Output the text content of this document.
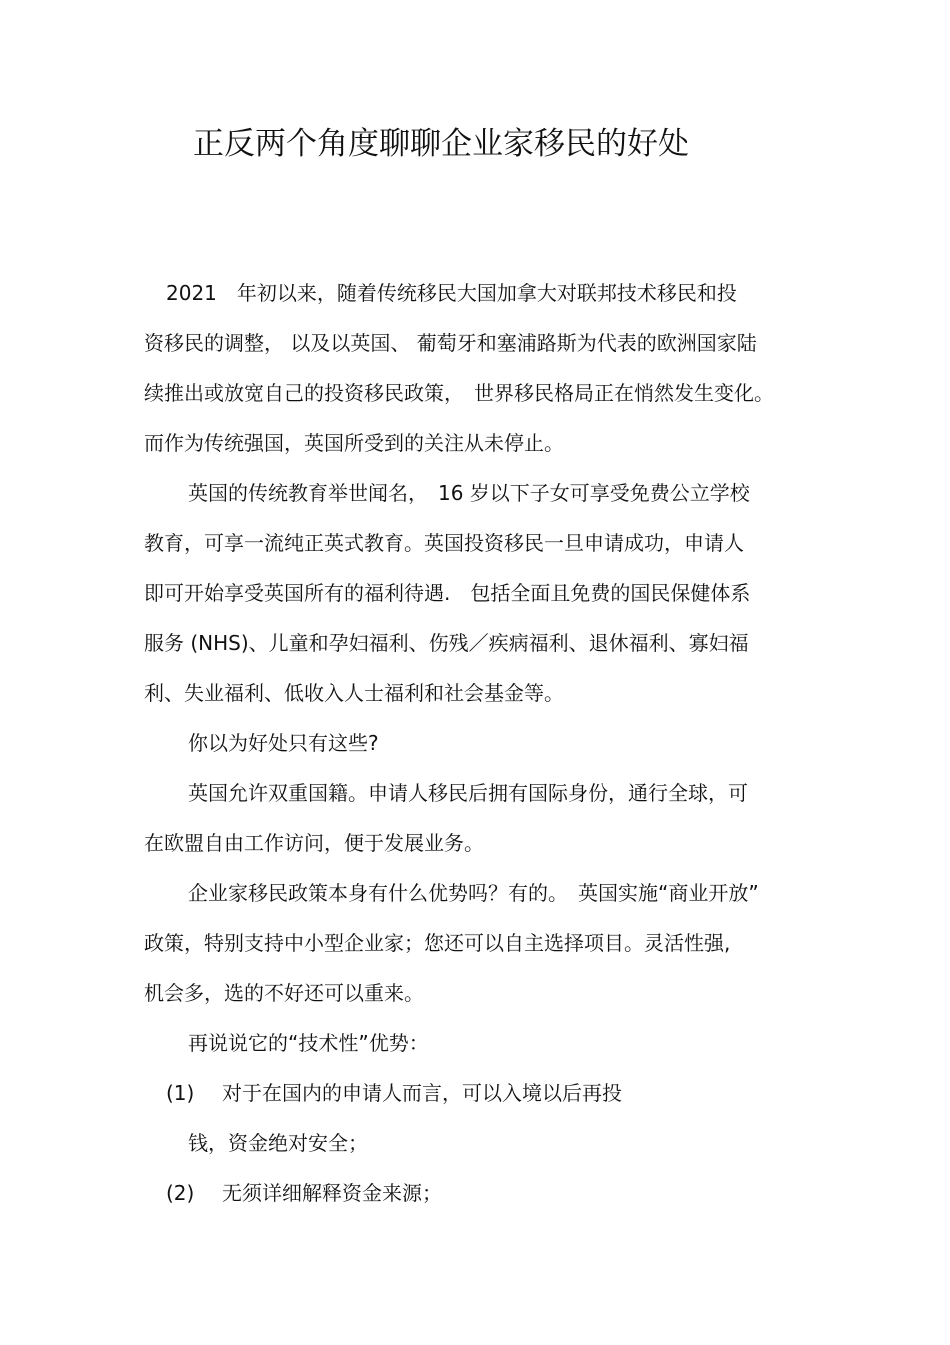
正反两个角度聊聊企业家移民的好处
2021　年初以来，随着传统移民大国加拿大对联邦技术移民和投
资移民的调整， 以及以英国、 葡萄牙和塞浦路斯为代表的欧洲国家陆
续推出或放宽自己的投资移民政策，　世界移民格局正在悄然发生变化。
而作为传统强国，英国所受到的关注从未停止。
英国的传统教育举世闻名，　16 岁以下子女可享受免费公立学校
教育，可享一流纯正英式教育。英国投资移民一旦申请成功，申请人
即可开始享受英国所有的福利待遇.　包括全面且免费的国民保健体系
服务 (NHS)、儿童和孕妇福利、伤残／疾病福利、退休福利、寡妇福
利、失业福利、低收入人士福利和社会基金等。
你以为好处只有这些?
英国允许双重国籍。申请人移民后拥有国际身份，通行全球，可
在欧盟自由工作访问，便于发展业务。
企业家移民政策本身有什么优势吗？有的。　英国实施“商业开放”
政策，特别支持中小型企业家；您还可以自主选择项目。灵活性强,
机会多，选的不好还可以重来。
再说说它的“技术性”优势：
(1) 对于在国内的申请人而言，可以入境以后再投
钱，资金绝对安全；
(2) 无须详细解释资金来源；
